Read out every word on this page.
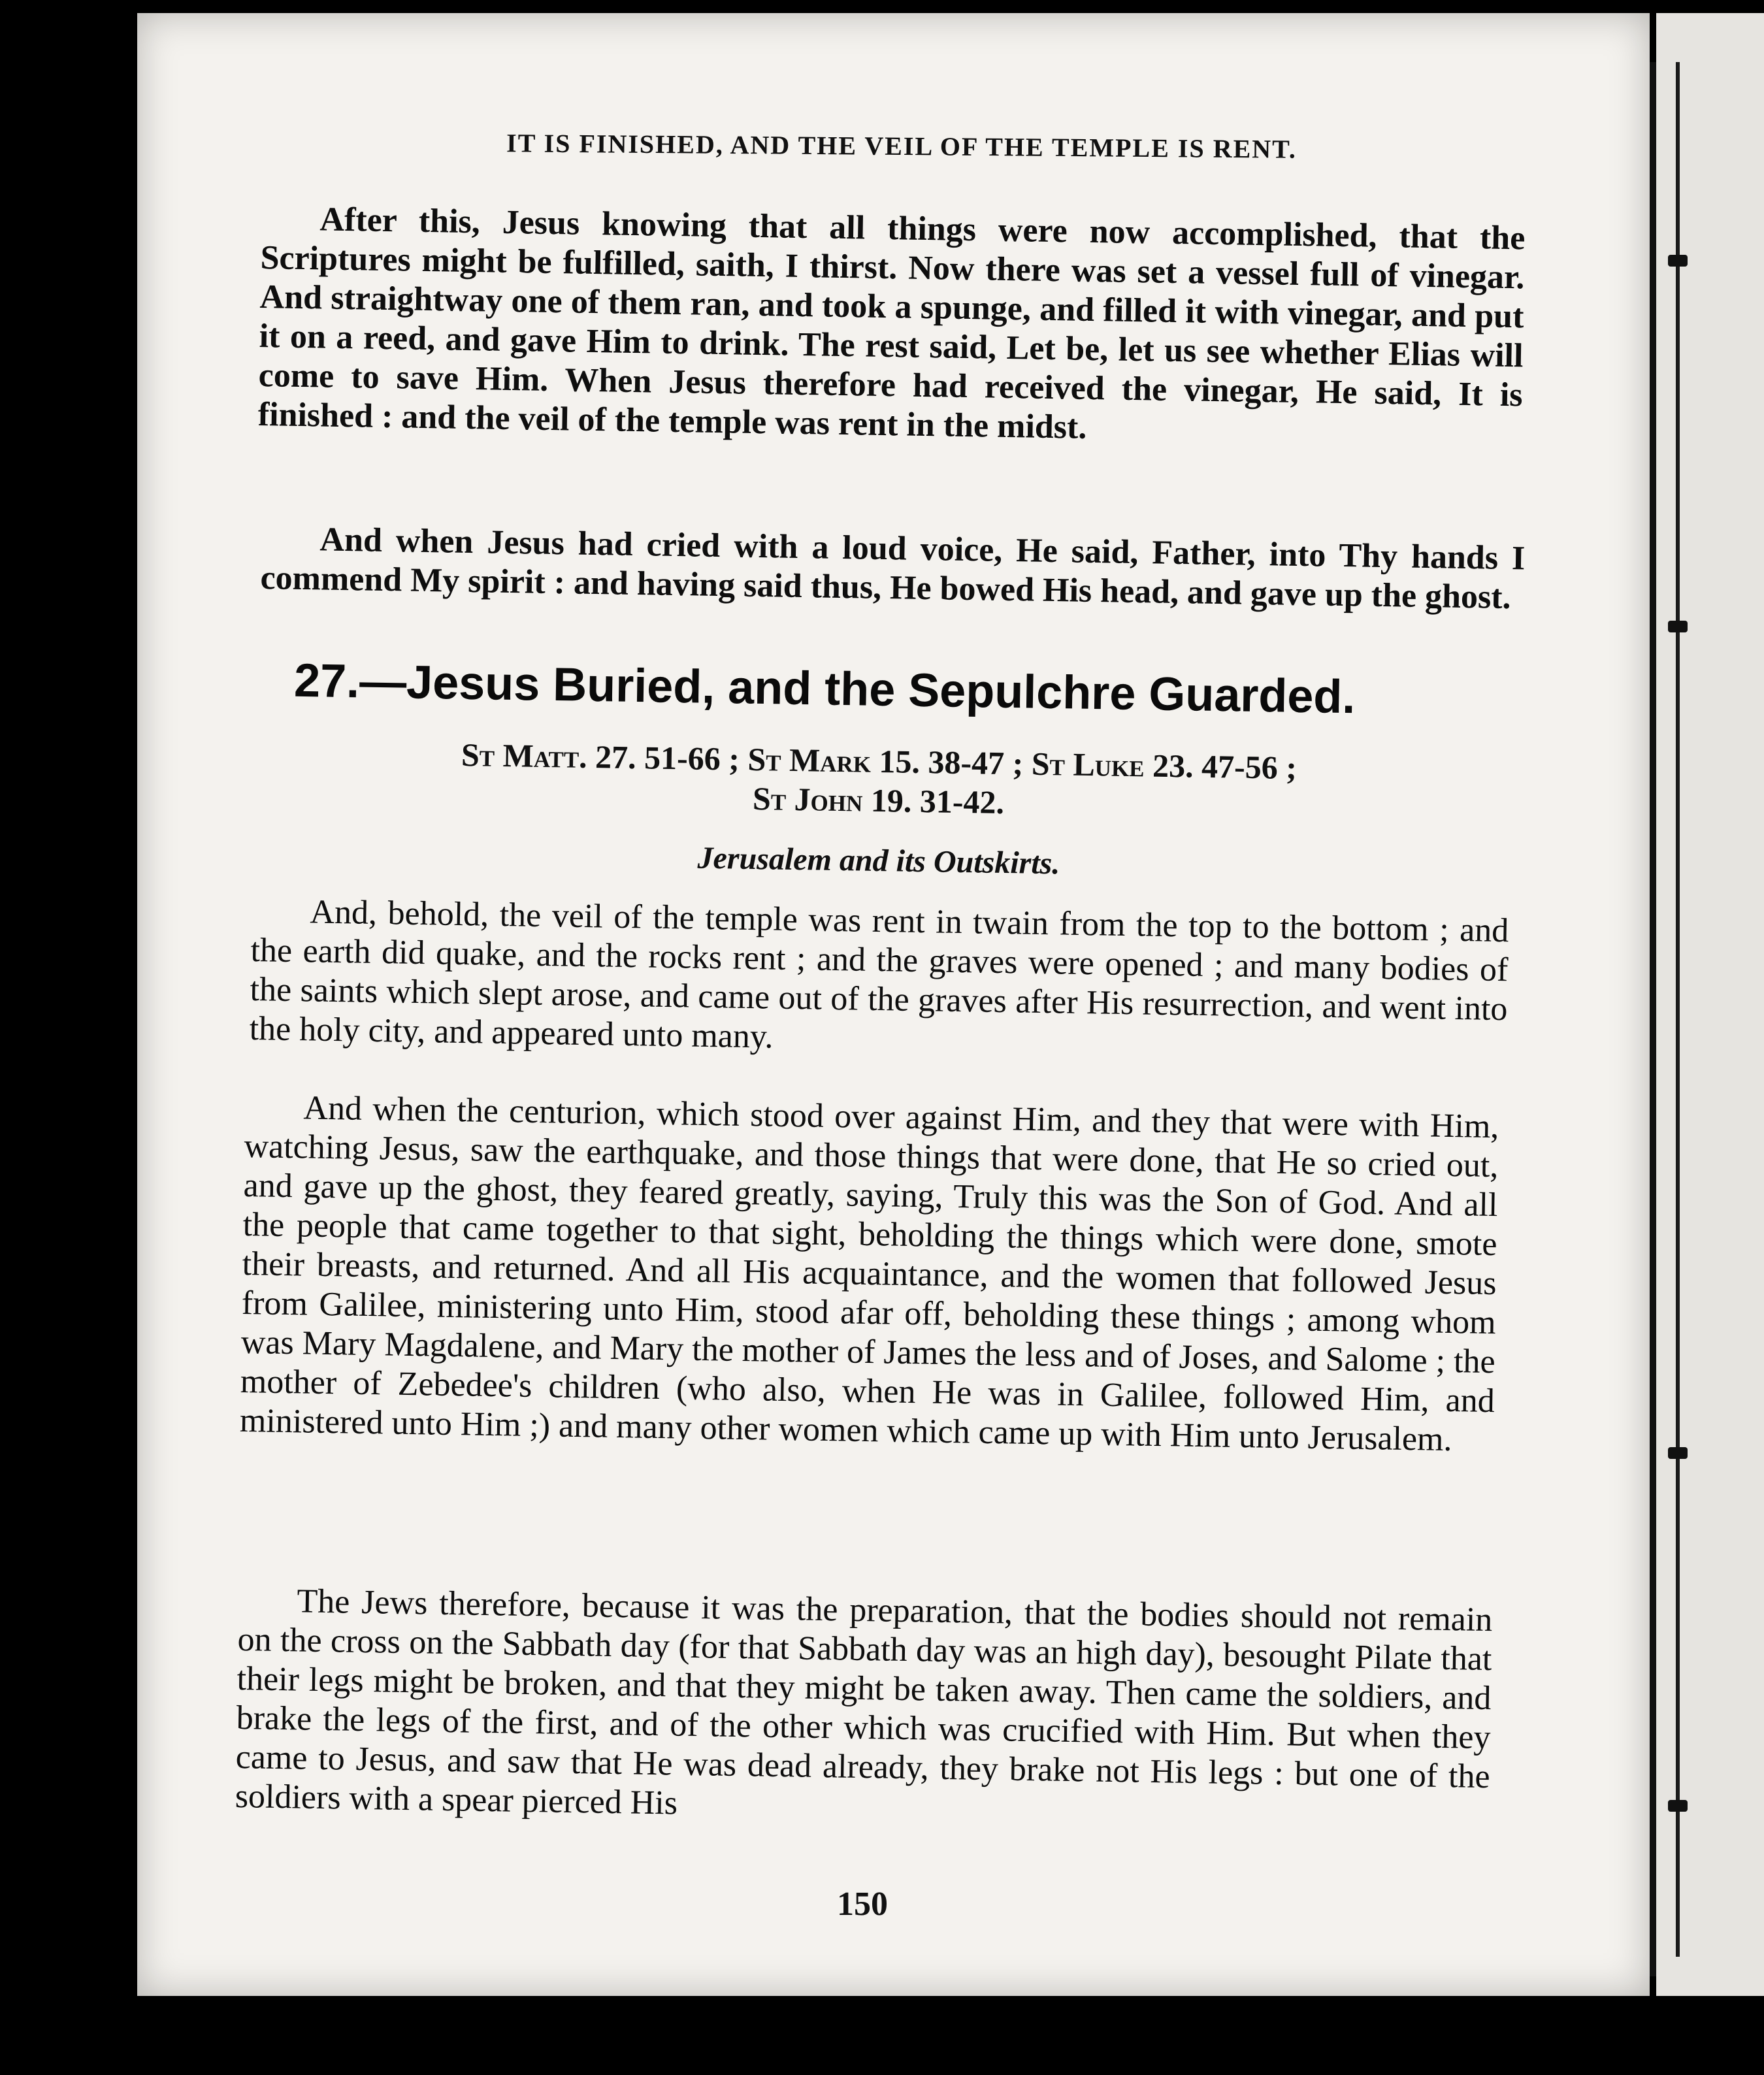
IT IS FINISHED, AND THE VEIL OF THE TEMPLE IS RENT.

After this, Jesus knowing that all things were now accomplished, that the Scriptures might be fulfilled, saith, I thirst. Now there was set a vessel full of vinegar. And straightway one of them ran, and took a spunge, and filled it with vinegar, and put it on a reed, and gave Him to drink. The rest said, Let be, let us see whether Elias will come to save Him. When Jesus therefore had received the vinegar, He said, It is finished : and the veil of the temple was rent in the midst.

And when Jesus had cried with a loud voice, He said, Father, into Thy hands I commend My spirit : and having said thus, He bowed His head, and gave up the ghost.

27.—Jesus Buried, and the Sepulchre Guarded.
St Matt. 27. 51-66 ; St Mark 15. 38-47 ; St Luke 23. 47-56 ;
St John 19. 31-42.
Jerusalem and its Outskirts.

And, behold, the veil of the temple was rent in twain from the top to the bottom ; and the earth did quake, and the rocks rent ; and the graves were opened ; and many bodies of the saints which slept arose, and came out of the graves after His resurrection, and went into the holy city, and appeared unto many.

And when the centurion, which stood over against Him, and they that were with Him, watching Jesus, saw the earthquake, and those things that were done, that He so cried out, and gave up the ghost, they feared greatly, saying, Truly this was the Son of God. And all the people that came together to that sight, beholding the things which were done, smote their breasts, and returned. And all His acquaintance, and the women that followed Jesus from Galilee, ministering unto Him, stood afar off, beholding these things ; among whom was Mary Magdalene, and Mary the mother of James the less and of Joses, and Salome ; the mother of Zebedee's children (who also, when He was in Galilee, followed Him, and ministered unto Him ;) and many other women which came up with Him unto Jerusalem.

The Jews therefore, because it was the preparation, that the bodies should not remain on the cross on the Sabbath day (for that Sabbath day was an high day), besought Pilate that their legs might be broken, and that they might be taken away. Then came the soldiers, and brake the legs of the first, and of the other which was crucified with Him. But when they came to Jesus, and saw that He was dead already, they brake not His legs : but one of the soldiers with a spear pierced His

150
